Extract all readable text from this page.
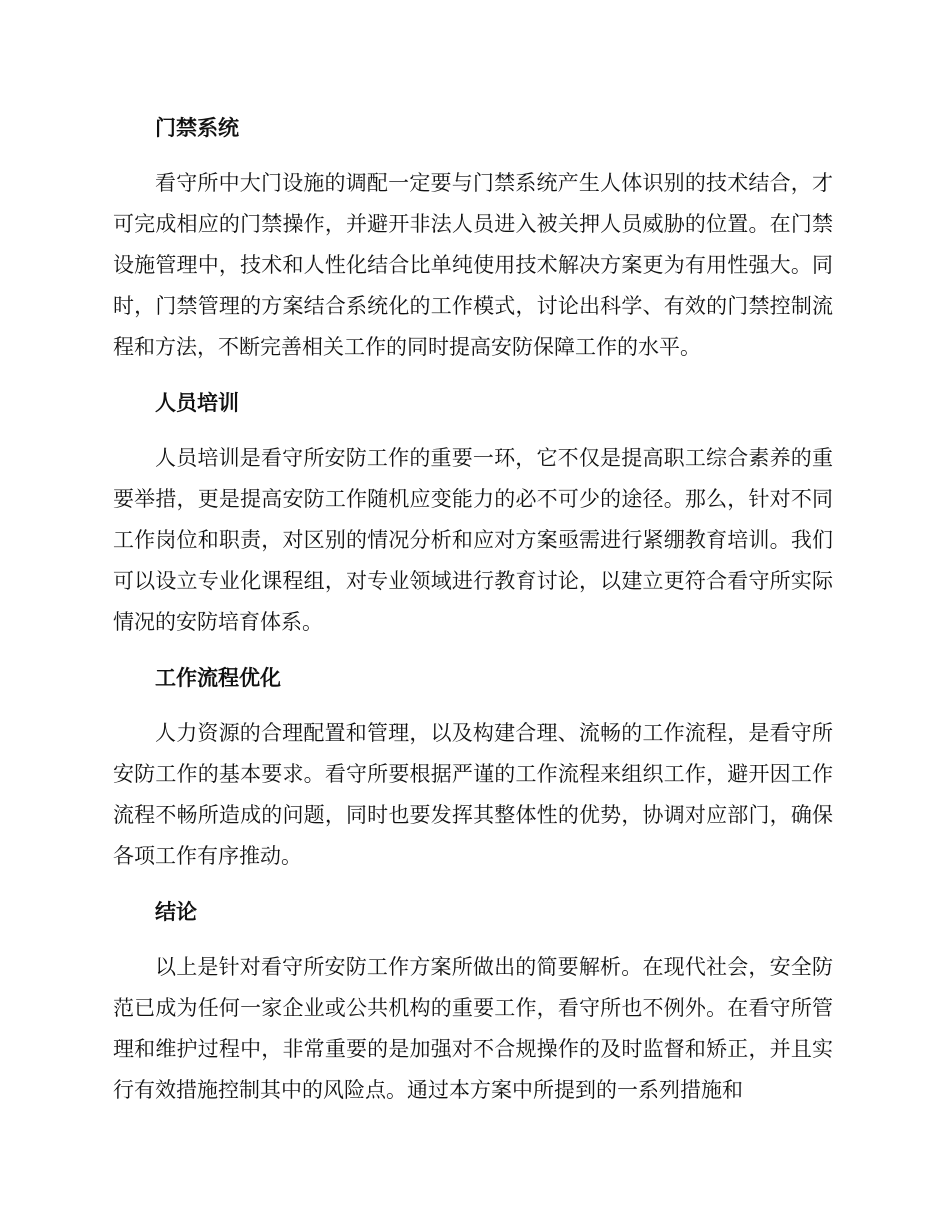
门禁系统

看守所中大门设施的调配一定要与门禁系统产生人体识别的技术结合，才可完成相应的门禁操作，并避开非法人员进入被关押人员威胁的位置。在门禁设施管理中，技术和人性化结合比单纯使用技术解决方案更为有用性强大。同时，门禁管理的方案结合系统化的工作模式，讨论出科学、有效的门禁控制流程和方法，不断完善相关工作的同时提高安防保障工作的水平。

人员培训

人员培训是看守所安防工作的重要一环，它不仅是提高职工综合素养的重要举措，更是提高安防工作随机应变能力的必不可少的途径。那么，针对不同工作岗位和职责，对区别的情况分析和应对方案亟需进行紧绷教育培训。我们可以设立专业化课程组，对专业领域进行教育讨论，以建立更符合看守所实际情况的安防培育体系。

工作流程优化

人力资源的合理配置和管理，以及构建合理、流畅的工作流程，是看守所安防工作的基本要求。看守所要根据严谨的工作流程来组织工作，避开因工作流程不畅所造成的问题，同时也要发挥其整体性的优势，协调对应部门，确保各项工作有序推动。

结论

以上是针对看守所安防工作方案所做出的简要解析。在现代社会，安全防范已成为任何一家企业或公共机构的重要工作，看守所也不例外。在看守所管理和维护过程中，非常重要的是加强对不合规操作的及时监督和矫正，并且实行有效措施控制其中的风险点。通过本方案中所提到的一系列措施和
